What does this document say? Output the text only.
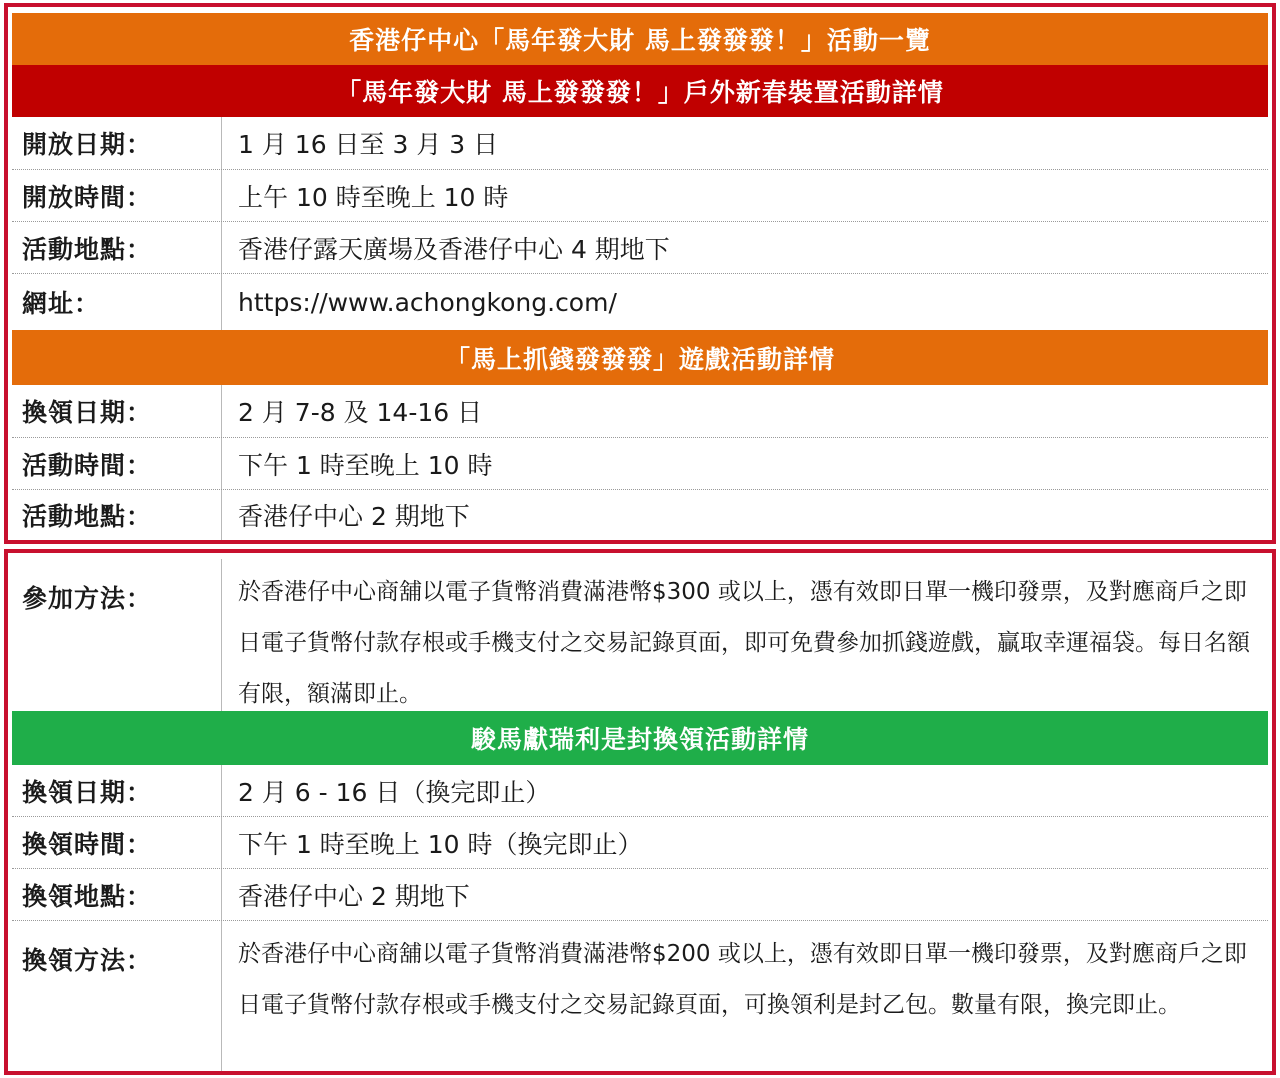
香港仔中心「馬年發大財 馬上發發發！」活動一覽
「馬年發大財 馬上發發發！」戶外新春裝置活動詳情
開放日期：	1 月 16 日至 3 月 3 日
開放時間：	上午 10 時至晚上 10 時
活動地點：	香港仔露天廣場及香港仔中心 4 期地下
網址：	https://www.achongkong.com/
「馬上抓錢發發發」遊戲活動詳情
換領日期：	2 月 7-8 及 14-16 日
活動時間：	下午 1 時至晚上 10 時
活動地點：	香港仔中心 2 期地下
參加方法：	於香港仔中心商舖以電子貨幣消費滿港幣$300 或以上，憑有效即日單一機印發票，及對應商戶之即日電子貨幣付款存根或手機支付之交易記錄頁面，即可免費參加抓錢遊戲，贏取幸運福袋。每日名額有限，額滿即止。
駿馬獻瑞利是封換領活動詳情
換領日期：	2 月 6 - 16 日（換完即止）
換領時間：	下午 1 時至晚上 10 時（換完即止）
換領地點：	香港仔中心 2 期地下
換領方法：	於香港仔中心商舖以電子貨幣消費滿港幣$200 或以上，憑有效即日單一機印發票，及對應商戶之即日電子貨幣付款存根或手機支付之交易記錄頁面，可換領利是封乙包。數量有限，換完即止。
